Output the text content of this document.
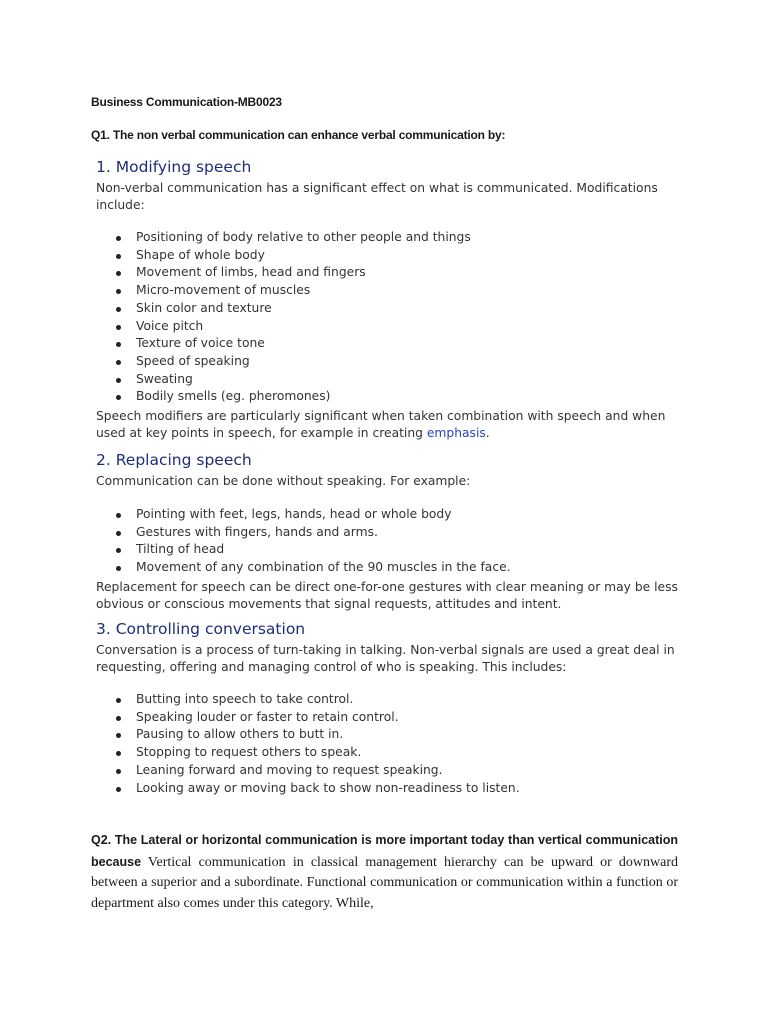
Business Communication-MB0023

Q1. The non verbal communication can enhance verbal communication by:

1. Modifying speech

Non-verbal communication has a significant effect on what is communicated. Modifications include:

Positioning of body relative to other people and things
Shape of whole body
Movement of limbs, head and fingers
Micro-movement of muscles
Skin color and texture
Voice pitch
Texture of voice tone
Speed of speaking
Sweating
Bodily smells (eg. pheromones)

Speech modifiers are particularly significant when taken combination with speech and when used at key points in speech, for example in creating emphasis.

2. Replacing speech

Communication can be done without speaking. For example:

Pointing with feet, legs, hands, head or whole body
Gestures with fingers, hands and arms.
Tilting of head
Movement of any combination of the 90 muscles in the face.

Replacement for speech can be direct one-for-one gestures with clear meaning or may be less obvious or conscious movements that signal requests, attitudes and intent.

3. Controlling conversation

Conversation is a process of turn-taking in talking. Non-verbal signals are used a great deal in requesting, offering and managing control of who is speaking. This includes:

Butting into speech to take control.
Speaking louder or faster to retain control.
Pausing to allow others to butt in.
Stopping to request others to speak.
Leaning forward and moving to request speaking.
Looking away or moving back to show non-readiness to listen.

Q2. The Lateral or horizontal communication is more important today than vertical communication because Vertical communication in classical management hierarchy can be upward or downward between a superior and a subordinate. Functional communication or communication within a function or department also comes under this category. While,
